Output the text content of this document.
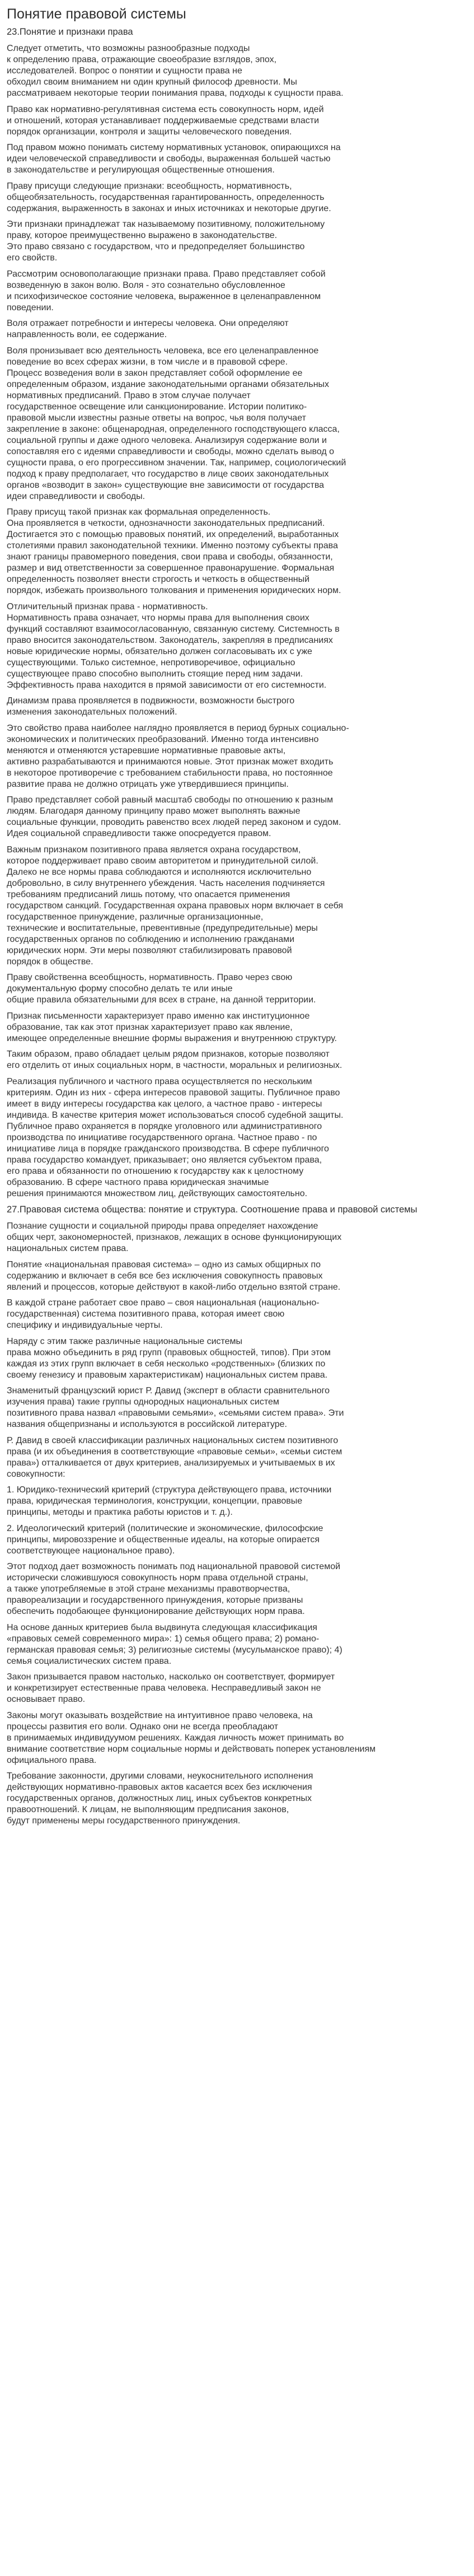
Понятие правовой системы
23.Понятие и признаки права

Следует отметить, что возможны разнообразные подходы
к определению права, отражающие своеобразие взглядов, эпох,
исследователей. Вопрос о понятии и сущности права не
обходил своим вниманием ни один крупный философ древности. Мы
рассматриваем некоторые теории понимания права, подходы к сущности права.

Право как нормативно-регулятивная система есть совокупность норм, идей
и отношений, которая устанавливает поддерживаемые средствами власти
порядок организации, контроля и защиты человеческого поведения.

Под правом можно понимать систему нормативных установок, опирающихся на
идеи человеческой справедливости и свободы, выраженная большей частью
в законодательстве и регулирующая общественные отношения.

Праву присущи следующие признаки: всеобщность, нормативность,
общеобязательность, государственная гарантированность, определенность
содержания, выраженность в законах и иных источниках и некоторые другие.

Эти признаки принадлежат так называемому позитивному, положительному
праву, которое преимущественно выражено в законодательстве.
Это право связано с государством, что и предопределяет большинство
его свойств.

Рассмотрим основополагающие признаки права. Право представляет собой
возведенную в закон волю. Воля - это сознательно обусловленное
и психофизическое состояние человека, выраженное в целенаправленном
поведении.

Воля отражает потребности и интересы человека. Они определяют
направленность воли, ее содержание.

Воля пронизывает всю деятельность человека, все его целенаправленное
поведение во всех сферах жизни, в том числе и в правовой сфере.
Процесс возведения воли в закон представляет собой оформление ее
определенным образом, издание законодательными органами обязательных
нормативных предписаний. Право в этом случае получает
государственное освещение или санкционирование. Истории политико-
правовой мысли известны разные ответы на вопрос, чья воля получает
закрепление в законе: общенародная, определенного господствующего класса,
социальной группы и даже одного человека. Анализируя содержание воли и
сопоставляя его с идеями справедливости и свободы, можно сделать вывод о
сущности права, о его прогрессивном значении. Так, например, социологический
подход к праву предполагает, что государство в лице своих законодательных
органов «возводит в закон» существующие вне зависимости от государства
идеи справедливости и свободы.

Праву присущ такой признак как формальная определенность.
Она проявляется в четкости, однозначности законодательных предписаний.
Достигается это с помощью правовых понятий, их определений, выработанных
столетиями правил законодательной техники. Именно поэтому субъекты права
знают границы правомерного поведения, свои права и свободы, обязанности,
размер и вид ответственности за совершенное правонарушение. Формальная
определенность позволяет внести строгость и четкость в общественный
порядок, избежать произвольного толкования и применения юридических норм.

Отличительный признак права - нормативность.
Нормативность права означает, что нормы права для выполнения своих
функций составляют взаимосогласованную, связанную систему. Системность в
право вносится законодательством. Законодатель, закрепляя в предписаниях
новые юридические нормы, обязательно должен согласовывать их с уже
существующими. Только системное, непротиворечивое, официально
существующее право способно выполнить стоящие перед ним задачи.
Эффективность права находится в прямой зависимости от его системности.

Динамизм права проявляется в подвижности, возможности быстрого
изменения законодательных положений.

Это свойство права наиболее наглядно проявляется в период бурных социально-
экономических и политических преобразований. Именно тогда интенсивно
меняются и отменяются устаревшие нормативные правовые акты,
активно разрабатываются и принимаются новые. Этот признак может входить
в некоторое противоречие с требованием стабильности права, но постоянное
развитие права не должно отрицать уже утвердившиеся принципы.

Право представляет собой равный масштаб свободы по отношению к разным
людям. Благодаря данному принципу право может выполнять важные
социальные функции, проводить равенство всех людей перед законом и судом.
Идея социальной справедливости также опосредуется правом.

Важным признаком позитивного права является охрана государством,
которое поддерживает право своим авторитетом и принудительной силой.
Далеко не все нормы права соблюдаются и исполняются исключительно
добровольно, в силу внутреннего убеждения. Часть населения подчиняется
требованиям предписаний лишь потому, что опасается применения
государством санкций. Государственная охрана правовых норм включает в себя
государственное принуждение, различные организационные,
технические и воспитательные, превентивные (предупредительные) меры
государственных органов по соблюдению и исполнению гражданами
юридических норм. Эти меры позволяют стабилизировать правовой
порядок в обществе.

Праву свойственна всеобщность, нормативность. Право через свою
документальную форму способно делать те или иные
общие правила обязательными для всех в стране, на данной территории.

Признак письменности характеризует право именно как институционное
образование, так как этот признак характеризует право как явление,
имеющее определенные внешние формы выражения и внутреннюю структуру.

Таким образом, право обладает целым рядом признаков, которые позволяют
его отделить от иных социальных норм, в частности, моральных и религиозных.

Реализация публичного и частного права осуществляется по нескольким
критериям. Один из них - сфера интересов правовой защиты. Публичное право
имеет в виду интересы государства как целого, а частное право - интересы
индивида. В качестве критерия может использоваться способ судебной защиты.
Публичное право охраняется в порядке уголовного или административного
производства по инициативе государственного органа. Частное право - по
инициативе лица в порядке гражданского производства. В сфере публичного
права государство командует, приказывает; оно является субъектом права,
его права и обязанности по отношению к государству как к целостному
образованию. В сфере частного права юридическая значимые
решения принимаются множеством лиц, действующих самостоятельно.

27.Правовая система общества: понятие и структура. Соотношение права и правовой системы

Познание сущности и социальной природы права определяет нахождение
общих черт, закономерностей, признаков, лежащих в основе функционирующих
национальных систем права.

Понятие «национальная правовая система» – одно из самых общирных по
содержанию и включает в себя все без исключения совокупность правовых
явлений и процессов, которые действуют в какой-либо отдельно взятой стране.

В каждой стране работает свое право – своя национальная (национально-
государственная) система позитивного права, которая имеет свою
специфику и индивидуальные черты.

Наряду с этим также различные национальные системы
права можно объединить в ряд групп (правовых общностей, типов). При этом
каждая из этих групп включает в себя несколько «родственных» (близких по
своему генезису и правовым характеристикам) национальных систем права.

Знаменитый французский юрист Р. Давид (эксперт в области сравнительного
изучения права) такие группы однородных национальных систем
позитивного права назвал «правовыми семьями», «семьями систем права». Эти
названия общепризнаны и используются в российской литературе.

Р. Давид в своей классификации различных национальных систем позитивного
права (и их объединения в соответствующие «правовые семьи», «семьи систем
права») отталкивается от двух критериев, анализируемых и учитываемых в их
совокупности:

1. Юридико-технический критерий (структура действующего права, источники
права, юридическая терминология, конструкции, концепции, правовые
принципы, методы и практика работы юристов и т. д.).

2. Идеологический критерий (политические и экономические, философские
принципы, мировоззрение и общественные идеалы, на которые опирается
соответствующее национальное право).

Этот подход дает возможность понимать под национальной правовой системой
исторически сложившуюся совокупность норм права отдельной страны,
а также употребляемые в этой стране механизмы правотворчества,
правореализации и государственного принуждения, которые призваны
обеспечить подобающее функционирование действующих норм права.

На основе данных критериев была выдвинута следующая классификация
«правовых семей современного мира»: 1) семья общего права; 2) романо-
германская правовая семья; 3) религиозные системы (мусульманское право); 4)
семья социалистических систем права.

Закон призывается правом настолько, насколько он соответствует, формирует
и конкретизирует естественные права человека. Несправедливый закон не
основывает право.

Законы могут оказывать воздействие на интуитивное право человека, на
процессы развития его воли. Однако они не всегда преобладают
в принимаемых индивидуумом решениях. Каждая личность может принимать во
внимание соответствие норм социальные нормы и действовать поперек установлениям
официального права.

Требование законности, другими словами, неукоснительного исполнения
действующих нормативно-правовых актов касается всех без исключения
государственных органов, должностных лиц, иных субъектов конкретных
правоотношений. К лицам, не выполняющим предписания законов,
будут применены меры государственного принуждения.
